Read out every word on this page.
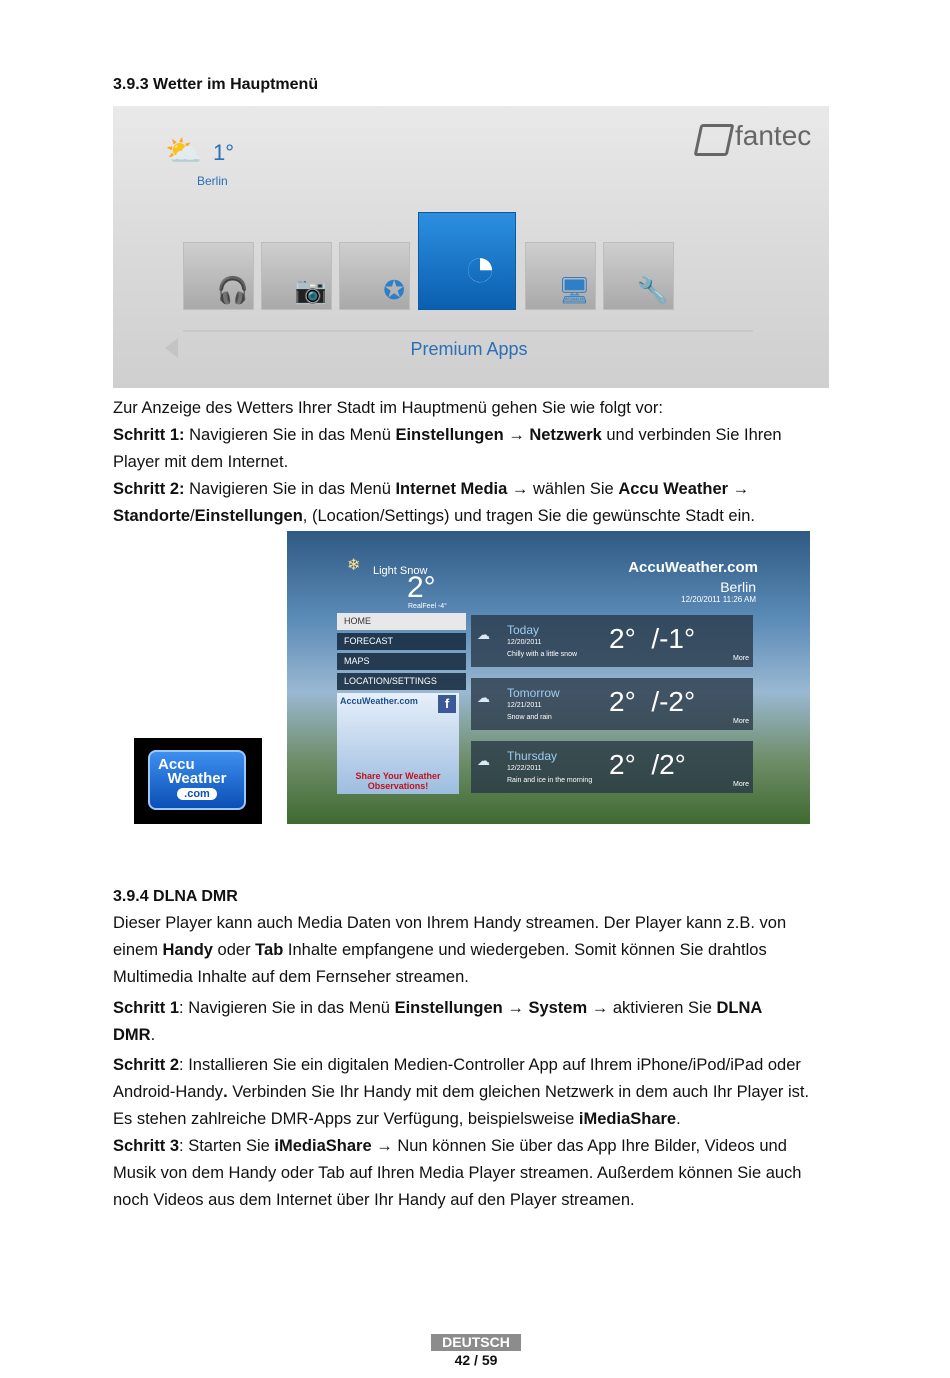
3.9.3 Wetter im Hauptmenü
⛅ 1°
Berlin
fantec
🎧 📷 ✪ ◔ 🖥 🔧
Premium Apps
Zur Anzeige des Wetters Ihrer Stadt im Hauptmenü gehen Sie wie folgt vor:
Schritt 1: Navigieren Sie in das Menü Einstellungen → Netzwerk und verbinden Sie Ihren
Player mit dem Internet.
Schritt 2: Navigieren Sie in das Menü Internet Media → wählen Sie Accu Weather →
Standorte/Einstellungen, (Location/Settings) und tragen Sie die gewünschte Stadt ein.
Accu
Weather
.com
❄ Light Snow
2°
RealFeel -4°
AccuWeather.com
Berlin
12/20/2011 11:26 AM
HOME
FORECAST
MAPS
LOCATION/SETTINGS
AccuWeather.com	f
Share Your Weather
Observations!
☁ Today
12/20/2011
Chilly with a little snow
2°  /-1°
More
☁ Tomorrow
12/21/2011
Snow and rain
2°  /-2°
More
☁ Thursday
12/22/2011
Rain and ice in the morning
2°  /2°
More
3.9.4 DLNA DMR
Dieser Player kann auch Media Daten von Ihrem Handy streamen. Der Player kann z.B. von
einem Handy oder Tab Inhalte empfangene und wiedergeben. Somit können Sie drahtlos
Multimedia Inhalte auf dem Fernseher streamen.
Schritt 1: Navigieren Sie in das Menü Einstellungen → System → aktivieren Sie DLNA
DMR.
Schritt 2: Installieren Sie ein digitalen Medien-Controller App auf Ihrem iPhone/iPod/iPad oder
Android-Handy. Verbinden Sie Ihr Handy mit dem gleichen Netzwerk in dem auch Ihr Player ist.
Es stehen zahlreiche DMR-Apps zur Verfügung, beispielsweise iMediaShare.
Schritt 3: Starten Sie iMediaShare → Nun können Sie über das App Ihre Bilder, Videos und
Musik von dem Handy oder Tab auf Ihren Media Player streamen. Außerdem können Sie auch
noch Videos aus dem Internet über Ihr Handy auf den Player streamen.
DEUTSCH
42 / 59
